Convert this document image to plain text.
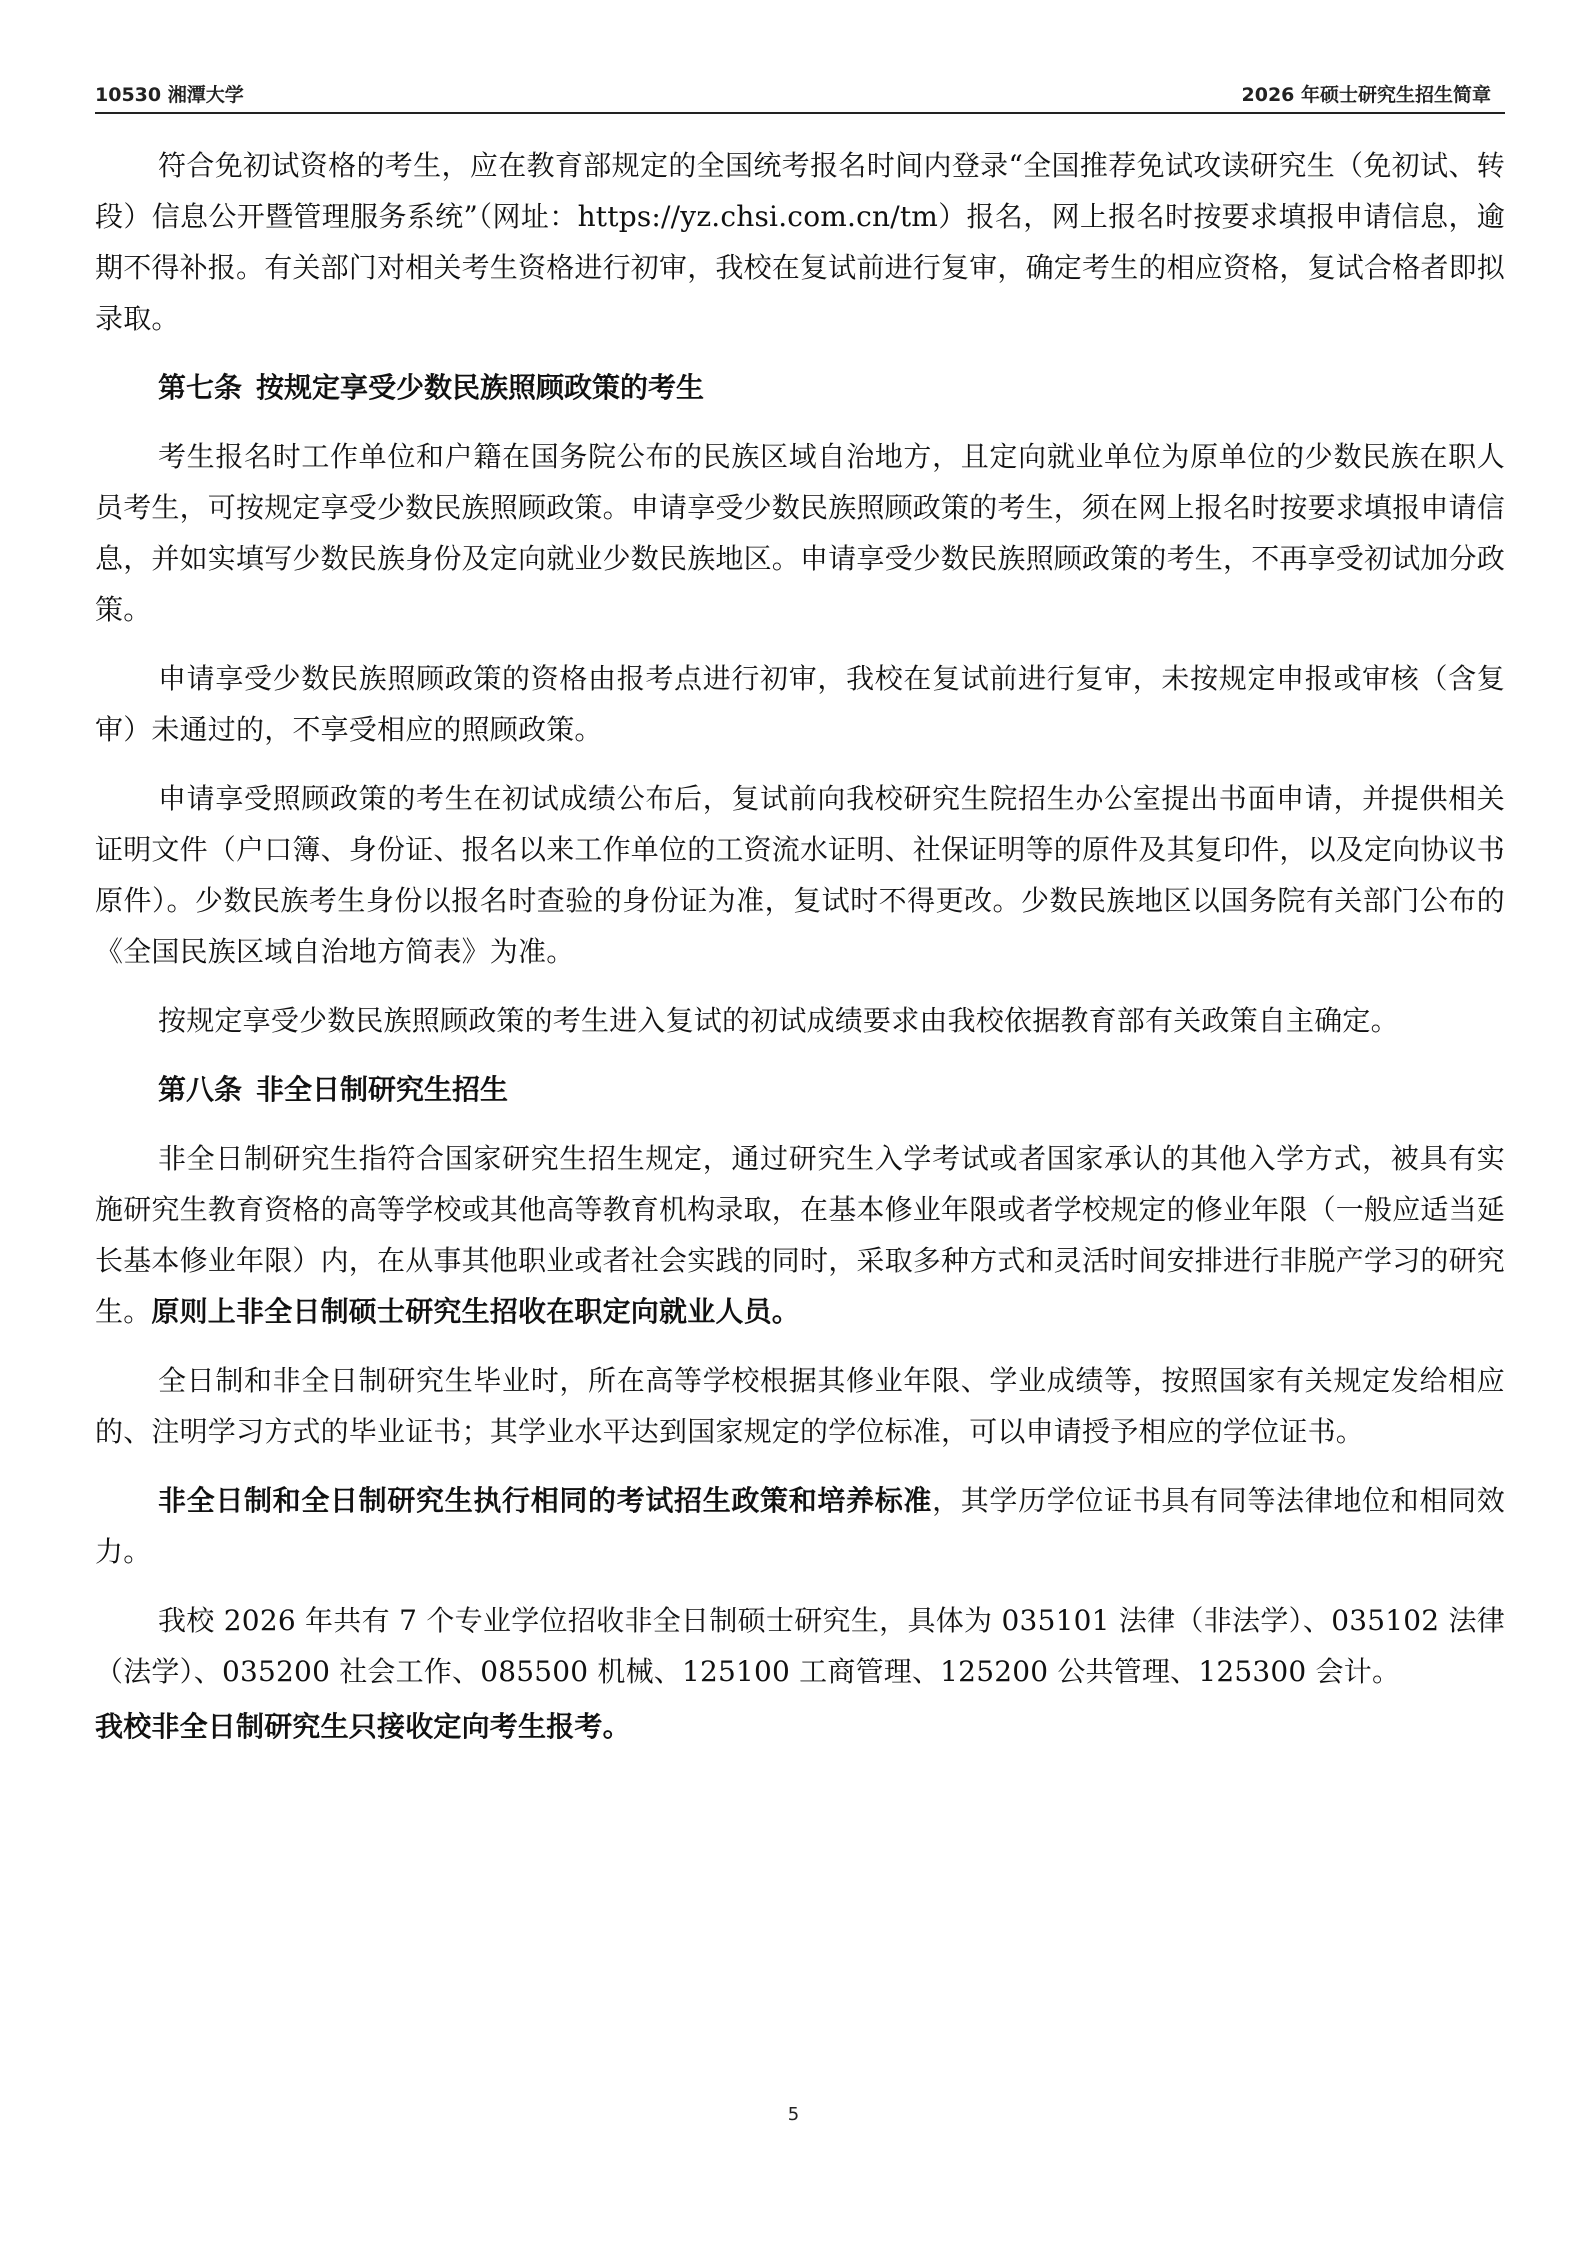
10530 湘潭大学	2026 年硕士研究生招生简章

符合免初试资格的考生，应在教育部规定的全国统考报名时间内登录“全国推荐免试攻读研究生（免初试、转段）信息公开暨管理服务系统”（网址：https://yz.chsi.com.cn/tm）报名，网上报名时按要求填报申请信息，逾期不得补报。有关部门对相关考生资格进行初审，我校在复试前进行复审，确定考生的相应资格，复试合格者即拟录取。

第七条 按规定享受少数民族照顾政策的考生

考生报名时工作单位和户籍在国务院公布的民族区域自治地方，且定向就业单位为原单位的少数民族在职人员考生，可按规定享受少数民族照顾政策。申请享受少数民族照顾政策的考生，须在网上报名时按要求填报申请信息，并如实填写少数民族身份及定向就业少数民族地区。申请享受少数民族照顾政策的考生，不再享受初试加分政策。

申请享受少数民族照顾政策的资格由报考点进行初审，我校在复试前进行复审，未按规定申报或审核（含复审）未通过的，不享受相应的照顾政策。

申请享受照顾政策的考生在初试成绩公布后，复试前向我校研究生院招生办公室提出书面申请，并提供相关证明文件（户口簿、身份证、报名以来工作单位的工资流水证明、社保证明等的原件及其复印件，以及定向协议书原件）。少数民族考生身份以报名时查验的身份证为准，复试时不得更改。少数民族地区以国务院有关部门公布的《全国民族区域自治地方简表》为准。

按规定享受少数民族照顾政策的考生进入复试的初试成绩要求由我校依据教育部有关政策自主确定。

第八条 非全日制研究生招生

非全日制研究生指符合国家研究生招生规定，通过研究生入学考试或者国家承认的其他入学方式，被具有实施研究生教育资格的高等学校或其他高等教育机构录取，在基本修业年限或者学校规定的修业年限（一般应适当延长基本修业年限）内，在从事其他职业或者社会实践的同时，采取多种方式和灵活时间安排进行非脱产学习的研究生。原则上非全日制硕士研究生招收在职定向就业人员。

全日制和非全日制研究生毕业时，所在高等学校根据其修业年限、学业成绩等，按照国家有关规定发给相应的、注明学习方式的毕业证书；其学业水平达到国家规定的学位标准，可以申请授予相应的学位证书。

非全日制和全日制研究生执行相同的考试招生政策和培养标准，其学历学位证书具有同等法律地位和相同效力。

我校 2026 年共有 7 个专业学位招收非全日制硕士研究生，具体为 035101 法律（非法学）、035102 法律（法学）、035200 社会工作、085500 机械、125100 工商管理、125200 公共管理、125300 会计。

我校非全日制研究生只接收定向考生报考。

5
